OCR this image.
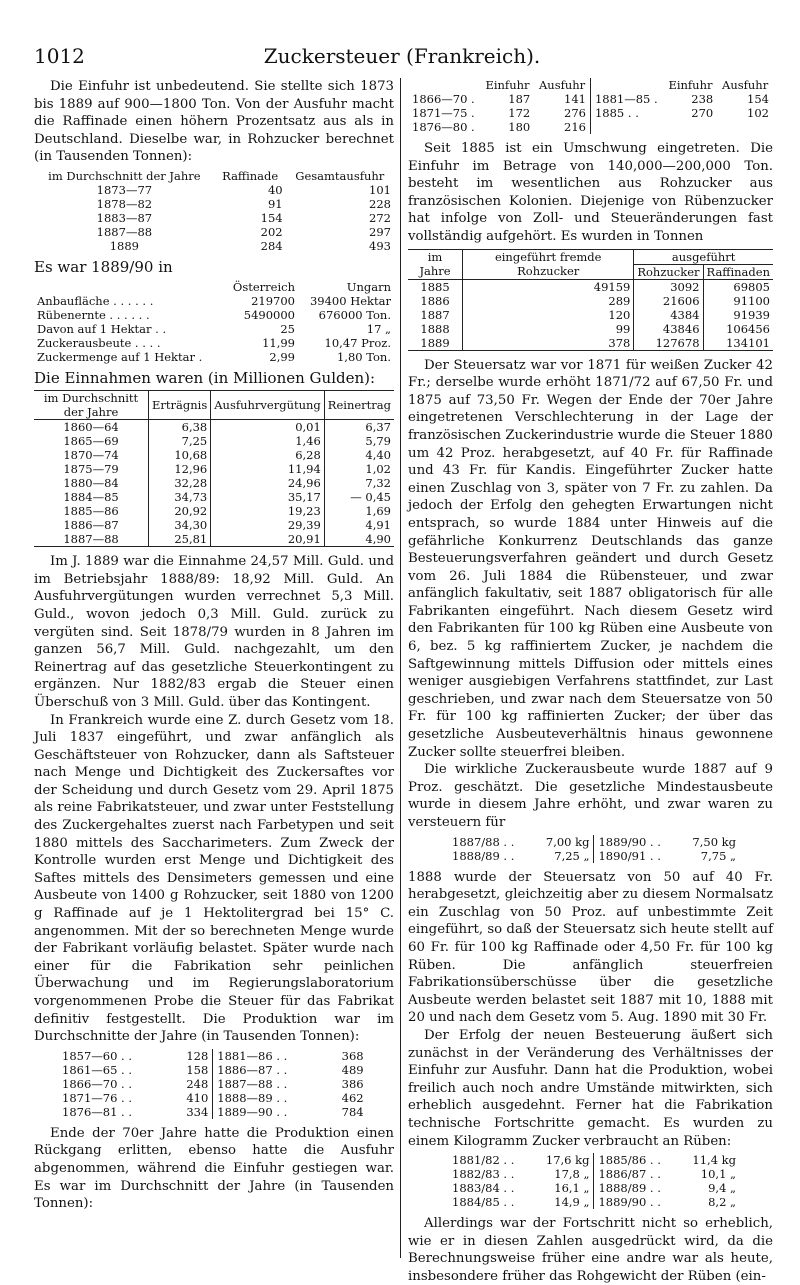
1012	Zuckersteuer (Frankreich).

Die Einfuhr ist unbedeutend. Sie stellte sich 1873 bis 1889 auf 900—1800 Ton. Von der Ausfuhr macht die Raffinade einen höhern Prozentsatz aus als in Deutschland. Dieselbe war, in Rohzucker berechnet (in Tausenden Tonnen):

im Durchschnitt der Jahre	Raffinade	Gesamtausfuhr
1873—77	40	101
1878—82	91	228
1883—87	154	272
1887—88	202	297
1889	284	493
Es war 1889/90 in
	Österreich	Ungarn
Anbaufläche . . . . . .	219700	39400 Hektar
Rübenernte . . . . . .	5490000	676000 Ton.
Davon auf 1 Hektar . .	25	17 „
Zuckerausbeute . . . .	11,99	10,47 Proz.
Zuckermenge auf 1 Hektar .	2,99	1,80 Ton.
Die Einnahmen waren (in Millionen Gulden):
im Durchschnitt der Jahre	Erträgnis	Ausfuhrvergütung	Reinertrag
1860—64	6,38	0,01	6,37
1865—69	7,25	1,46	5,79
1870—74	10,68	6,28	4,40
1875—79	12,96	11,94	1,02
1880—84	32,28	24,96	7,32
1884—85	34,73	35,17	— 0,45
1885—86	20,92	19,23	1,69
1886—87	34,30	29,39	4,91
1887—88	25,81	20,91	4,90

Im J. 1889 war die Einnahme 24,57 Mill. Guld. und im Betriebsjahr 1888/89: 18,92 Mill. Guld. An Ausfuhrvergütungen wurden verrechnet 5,3 Mill. Guld., wovon jedoch 0,3 Mill. Guld. zurück zu vergüten sind. Seit 1878/79 wurden in 8 Jahren im ganzen 56,7 Mill. Guld. nachgezahlt, um den Reinertrag auf das gesetzliche Steuerkontingent zu ergänzen. Nur 1882/83 ergab die Steuer einen Überschuß von 3 Mill. Guld. über das Kontingent.

In Frankreich wurde eine Z. durch Gesetz vom 18. Juli 1837 eingeführt, und zwar anfänglich als Geschäftsteuer von Rohzucker, dann als Saftsteuer nach Menge und Dichtigkeit des Zuckersaftes vor der Scheidung und durch Gesetz vom 29. April 1875 als reine Fabrikatsteuer, und zwar unter Feststellung des Zuckergehaltes zuerst nach Farbetypen und seit 1880 mittels des Saccharimeters. Zum Zweck der Kontrolle wurden erst Menge und Dichtigkeit des Saftes mittels des Densimeters gemessen und eine Ausbeute von 1400 g Rohzucker, seit 1880 von 1200 g Raffinade auf je 1 Hektolitergrad bei 15° C. angenommen. Mit der so berechneten Menge wurde der Fabrikant vorläufig belastet. Später wurde nach einer für die Fabrikation sehr peinlichen Überwachung und im Regierungslaboratorium vorgenommenen Probe die Steuer für das Fabrikat definitiv festgestellt. Die Produktion war im Durchschnitte der Jahre (in Tausenden Tonnen):

1857—60 . .	128	1881—86 . .	368
1861—65 . .	158	1886—87 . .	489
1866—70 . .	248	1887—88 . .	386
1871—76 . .	410	1888—89 . .	462
1876—81 . .	334	1889—90 . .	784

Ende der 70er Jahre hatte die Produktion einen Rückgang erlitten, ebenso hatte die Ausfuhr abgenommen, während die Einfuhr gestiegen war. Es war im Durchschnitt der Jahre (in Tausenden Tonnen):

	Einfuhr	Ausfuhr		Einfuhr	Ausfuhr
1866—70 .	187	141	1881—85 .	238	154
1871—75 .	172	276	1885 . .	270	102
1876—80 .	180	216			

Seit 1885 ist ein Umschwung eingetreten. Die Einfuhr im Betrage von 140,000—200,000 Ton. besteht im wesentlichen aus Rohzucker aus französischen Kolonien. Diejenige von Rübenzucker hat infolge von Zoll- und Steueränderungen fast vollständig aufgehört. Es wurden in Tonnen

im Jahre	eingeführt fremde Rohzucker	ausgeführt	
		Rohzucker	Raffinaden
1885	49159	3092	69805
1886	289	21606	91100
1887	120	4384	91939
1888	99	43846	106456
1889	378	127678	134101

Der Steuersatz war vor 1871 für weißen Zucker 42 Fr.; derselbe wurde erhöht 1871/72 auf 67,50 Fr. und 1875 auf 73,50 Fr. Wegen der Ende der 70er Jahre eingetretenen Verschlechterung in der Lage der französischen Zuckerindustrie wurde die Steuer 1880 um 42 Proz. herabgesetzt, auf 40 Fr. für Raffinade und 43 Fr. für Kandis. Eingeführter Zucker hatte einen Zuschlag von 3, später von 7 Fr. zu zahlen. Da jedoch der Erfolg den gehegten Erwartungen nicht entsprach, so wurde 1884 unter Hinweis auf die gefährliche Konkurrenz Deutschlands das ganze Besteuerungsverfahren geändert und durch Gesetz vom 26. Juli 1884 die Rübensteuer, und zwar anfänglich fakultativ, seit 1887 obligatorisch für alle Fabrikanten eingeführt. Nach diesem Gesetz wird den Fabrikanten für 100 kg Rüben eine Ausbeute von 6, bez. 5 kg raffiniertem Zucker, je nachdem die Saftgewinnung mittels Diffusion oder mittels eines weniger ausgiebigen Verfahrens stattfindet, zur Last geschrieben, und zwar nach dem Steuersatze von 50 Fr. für 100 kg raffinierten Zucker; der über das gesetzliche Ausbeuteverhältnis hinaus gewonnene Zucker sollte steuerfrei bleiben.

Die wirkliche Zuckerausbeute wurde 1887 auf 9 Proz. geschätzt. Die gesetzliche Mindestausbeute wurde in diesem Jahre erhöht, und zwar waren zu versteuern für

1887/88 . .	7,00 kg	1889/90 . .	7,50 kg
1888/89 . .	7,25 „	1890/91 . .	7,75 „

1888 wurde der Steuersatz von 50 auf 40 Fr. herabgesetzt, gleichzeitig aber zu diesem Normalsatz ein Zuschlag von 50 Proz. auf unbestimmte Zeit eingeführt, so daß der Steuersatz sich heute stellt auf 60 Fr. für 100 kg Raffinade oder 4,50 Fr. für 100 kg Rüben. Die anfänglich steuerfreien Fabrikationsüberschüsse über die gesetzliche Ausbeute werden belastet seit 1887 mit 10, 1888 mit 20 und nach dem Gesetz vom 5. Aug. 1890 mit 30 Fr.

Der Erfolg der neuen Besteuerung äußert sich zunächst in der Veränderung des Verhältnisses der Einfuhr zur Ausfuhr. Dann hat die Produktion, wobei freilich auch noch andre Umstände mitwirkten, sich erheblich ausgedehnt. Ferner hat die Fabrikation technische Fortschritte gemacht. Es wurden zu einem Kilogramm Zucker verbraucht an Rüben:

1881/82 . .	17,6 kg	1885/86 . .	11,4 kg
1882/83 . .	17,8 „	1886/87 . .	10,1 „
1883/84 . .	16,1 „	1888/89 . .	9,4 „
1884/85 . .	14,9 „	1889/90 . .	8,2 „

Allerdings war der Fortschritt nicht so erheblich, wie er in diesen Zahlen ausgedrückt wird, da die Berechnungsweise früher eine andre war als heute, insbesondere früher das Rohgewicht der Rüben (ein-
